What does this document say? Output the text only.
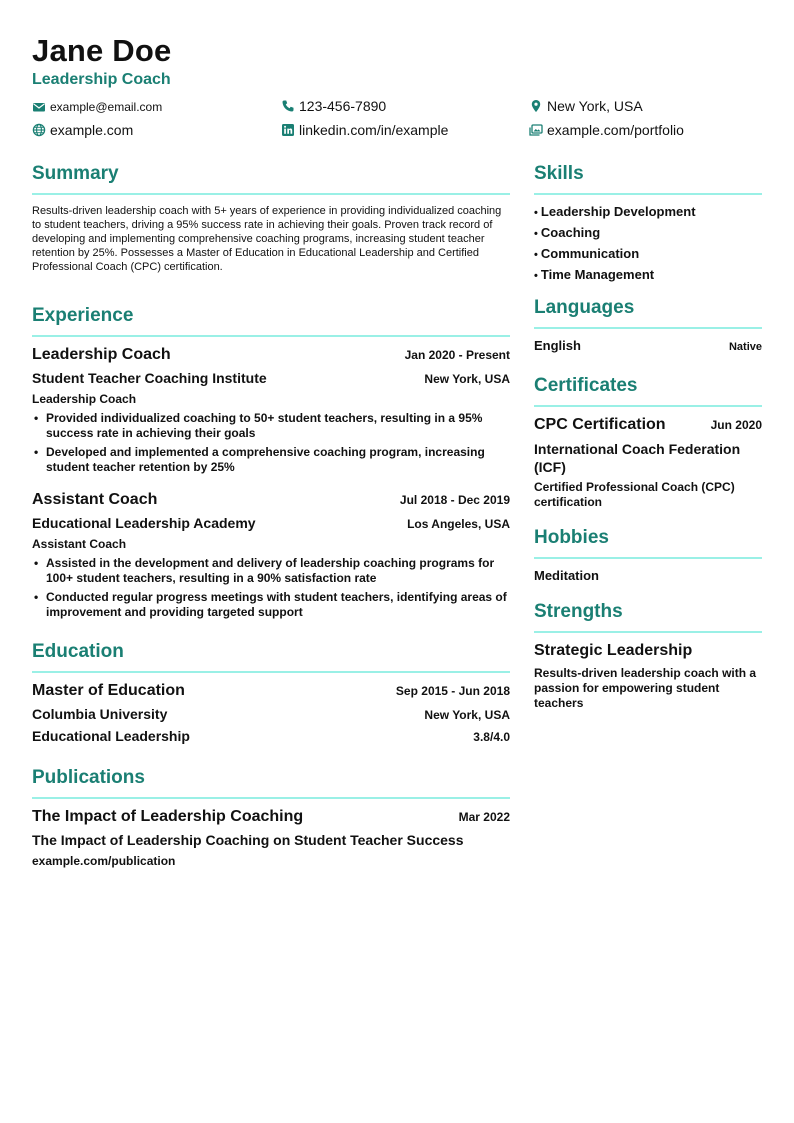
Jane Doe
Leadership Coach
example@email.com	123-456-7890	New York, USA
example.com	linkedin.com/in/example	example.com/portfolio
Summary
Results-driven leadership coach with 5+ years of experience in providing individualized coaching to student teachers, driving a 95% success rate in achieving their goals. Proven track record of developing and implementing comprehensive coaching programs, increasing student teacher retention by 25%. Possesses a Master of Education in Educational Leadership and Certified Professional Coach (CPC) certification.
Experience
Leadership Coach	Jan 2020 - Present
Student Teacher Coaching Institute	New York, USA
Leadership Coach
• Provided individualized coaching to 50+ student teachers, resulting in a 95% success rate in achieving their goals
• Developed and implemented a comprehensive coaching program, increasing student teacher retention by 25%
Assistant Coach	Jul 2018 - Dec 2019
Educational Leadership Academy	Los Angeles, USA
Assistant Coach
• Assisted in the development and delivery of leadership coaching programs for 100+ student teachers, resulting in a 90% satisfaction rate
• Conducted regular progress meetings with student teachers, identifying areas of improvement and providing targeted support
Education
Master of Education	Sep 2015 - Jun 2018
Columbia University	New York, USA
Educational Leadership	3.8/4.0
Publications
The Impact of Leadership Coaching	Mar 2022
The Impact of Leadership Coaching on Student Teacher Success
example.com/publication
Skills
• Leadership Development
• Coaching
• Communication
• Time Management
Languages
English	Native
Certificates
CPC Certification	Jun 2020
International Coach Federation (ICF)
Certified Professional Coach (CPC) certification
Hobbies
Meditation
Strengths
Strategic Leadership
Results-driven leadership coach with a passion for empowering student teachers
